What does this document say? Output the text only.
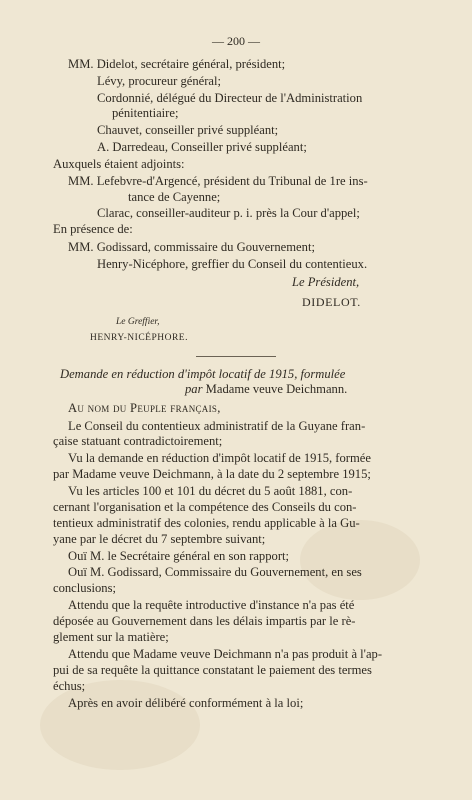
— 200 —
MM. Didelot, secrétaire général, président;
Lévy, procureur général;
Cordonnié, délégué du Directeur de l'Administration
pénitentiaire;
Chauvet, conseiller privé suppléant;
A. Darredeau, Conseiller privé suppléant;
Auxquels étaient adjoints:
MM. Lefebvre-d'Argencé, président du Tribunal de 1re ins-
tance de Cayenne;
Clarac, conseiller-auditeur p. i. près la Cour d'appel;
En présence de:
MM. Godissard, commissaire du Gouvernement;
Henry-Nicéphore, greffier du Conseil du contentieux.
Le Président,
DIDELOT.
Le Greffier,
HENRY-NICÉPHORE.
Demande en réduction d'impôt locatif de 1915, formulée
par Madame veuve Deichmann.
Au nom du Peuple français,
Le Conseil du contentieux administratif de la Guyane fran-
çaise statuant contradictoirement;
Vu la demande en réduction d'impôt locatif de 1915, formée
par Madame veuve Deichmann, à la date du 2 septembre 1915;
Vu les articles 100 et 101 du décret du 5 août 1881, con-
cernant l'organisation et la compétence des Conseils du con-
tentieux administratif des colonies, rendu applicable à la Gu-
yane par le décret du 7 septembre suivant;
Ouï M. le Secrétaire général en son rapport;
Ouï M. Godissard, Commissaire du Gouvernement, en ses
conclusions;
Attendu que la requête introductive d'instance n'a pas été
déposée au Gouvernement dans les délais impartis par le rè-
glement sur la matière;
Attendu que Madame veuve Deichmann n'a pas produit à l'ap-
pui de sa requête la quittance constatant le paiement des termes
échus;
Après en avoir délibéré conformément à la loi;
